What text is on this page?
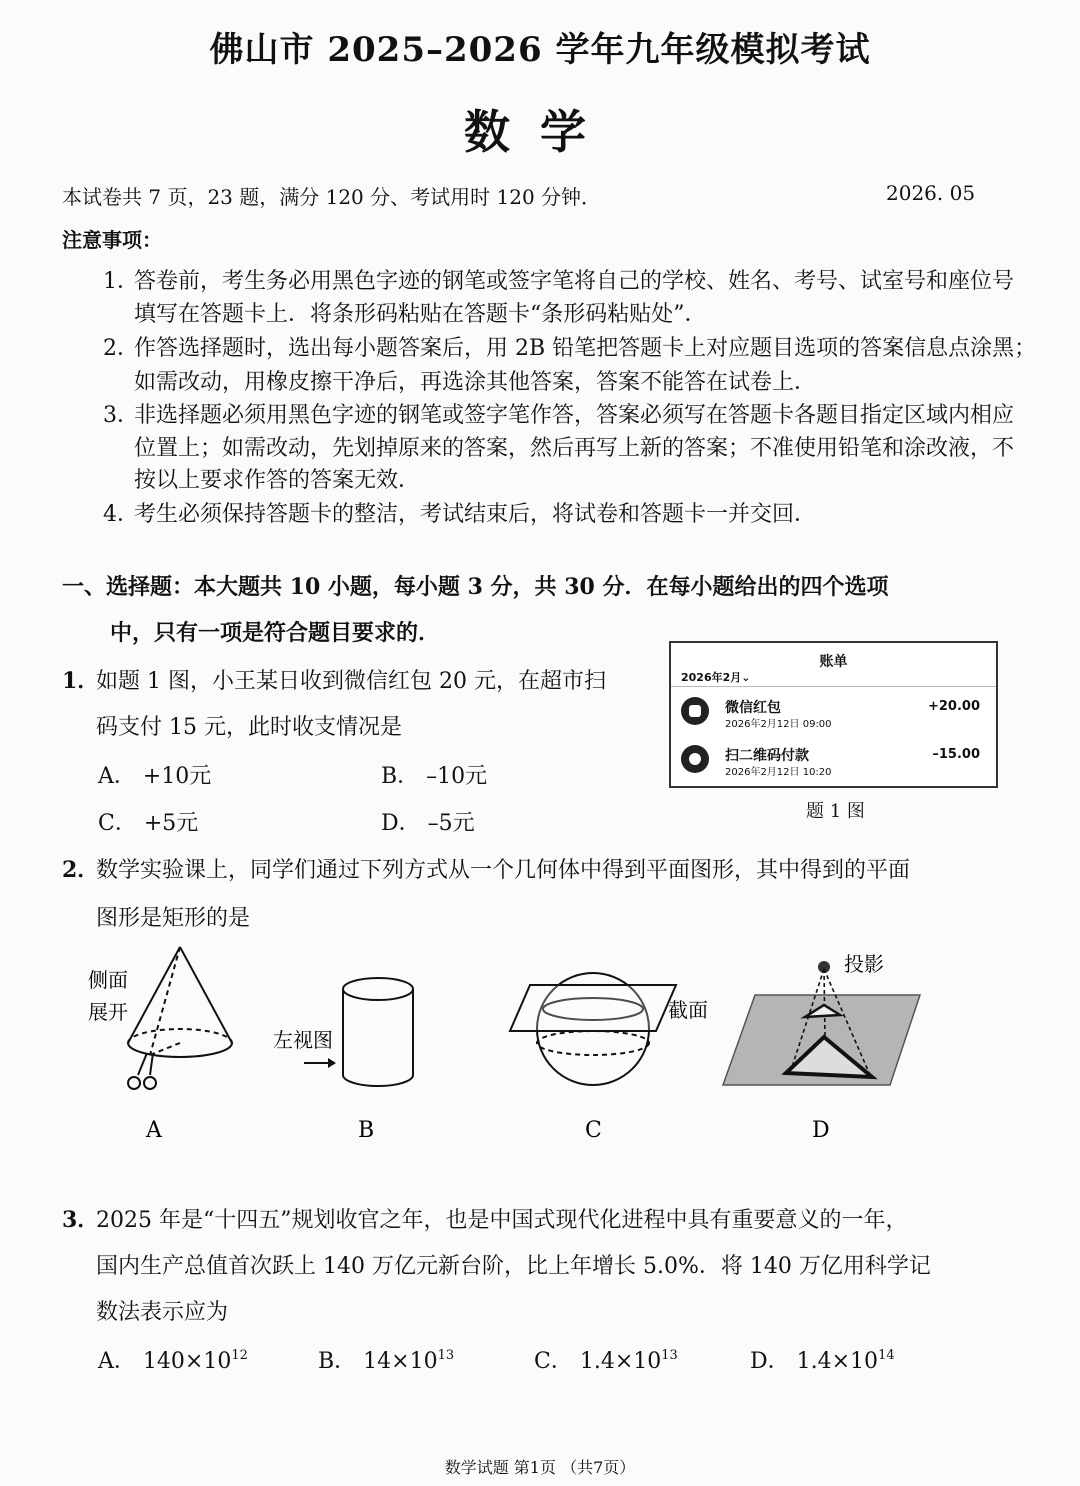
佛山市 2025–2026 学年九年级模拟考试
数学
本试卷共 7 页，23 题，满分 120 分、考试用时 120 分钟．	2026. 05
注意事项：
1．
答卷前，考生务必用黑色字迹的钢笔或签字笔将自己的学校、姓名、考号、试室号和座位号
填写在答题卡上．将条形码粘贴在答题卡“条形码粘贴处”．
2．
作答选择题时，选出每小题答案后，用 2B 铅笔把答题卡上对应题目选项的答案信息点涂黑；
如需改动，用橡皮擦干净后，再选涂其他答案，答案不能答在试卷上．
3．
非选择题必须用黑色字迹的钢笔或签字笔作答，答案必须写在答题卡各题目指定区域内相应
位置上；如需改动，先划掉原来的答案，然后再写上新的答案；不准使用铅笔和涂改液，不
按以上要求作答的答案无效．
4．
考生必须保持答题卡的整洁，考试结束后，将试卷和答题卡一并交回．
一、选择题：本大题共 10 小题，每小题 3 分，共 30 分．在每小题给出的四个选项
中，只有一项是符合题目要求的．
1．
如题 1 图，小王某日收到微信红包 20 元，在超市扫
码支付 15 元，此时收支情况是
A． +10元	B． –10元
C． +5元	D． –5元
账单
2026年2月⌄
微信红包
2026年2月12日 09:00
+20.00
扫二维码付款
2026年2月12日 10:20
–15.00
题 1 图
2．
数学实验课上，同学们通过下列方式从一个几何体中得到平面图形，其中得到的平面
图形是矩形的是
侧面
展开
左视图
截面
投影
A	B	C	D
3．
2025 年是“十四五”规划收官之年，也是中国式现代化进程中具有重要意义的一年，
国内生产总值首次跃上 140 万亿元新台阶，比上年增长 5.0%．将 140 万亿用科学记
数法表示应为
A． $140\times 10^{12}$	B． $14\times 10^{13}$	C． $1.4\times 10^{13}$	D． $1.4\times 10^{14}$
数学试题 第1页 （共7页）
